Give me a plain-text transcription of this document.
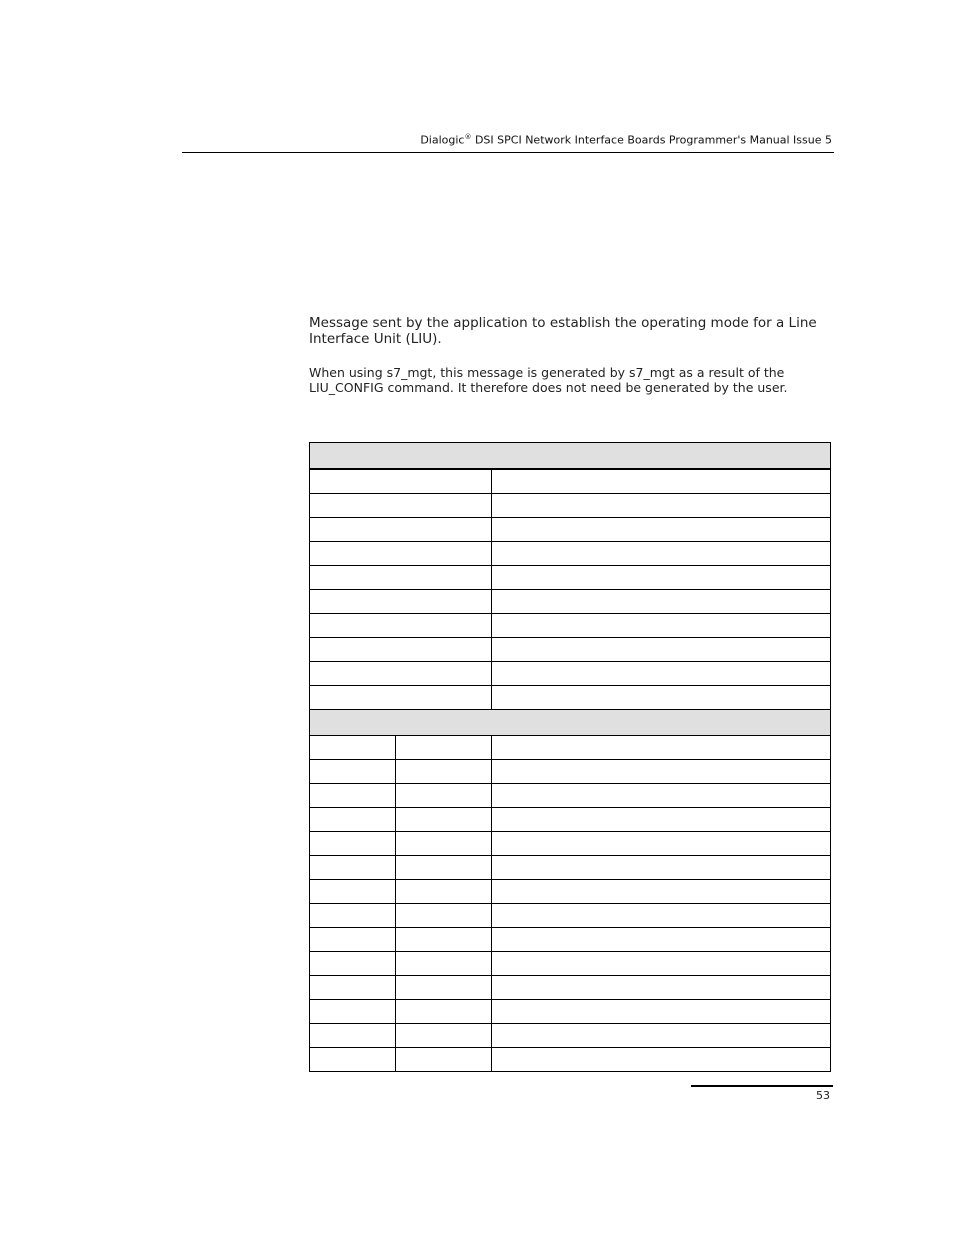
Dialogic® DSI SPCI Network Interface Boards Programmer's Manual Issue 5

Message sent by the application to establish the operating mode for a Line Interface Unit (LIU).

When using s7_mgt, this message is generated by s7_mgt as a result of the LIU_CONFIG command. It therefore does not need be generated by the user.

53
